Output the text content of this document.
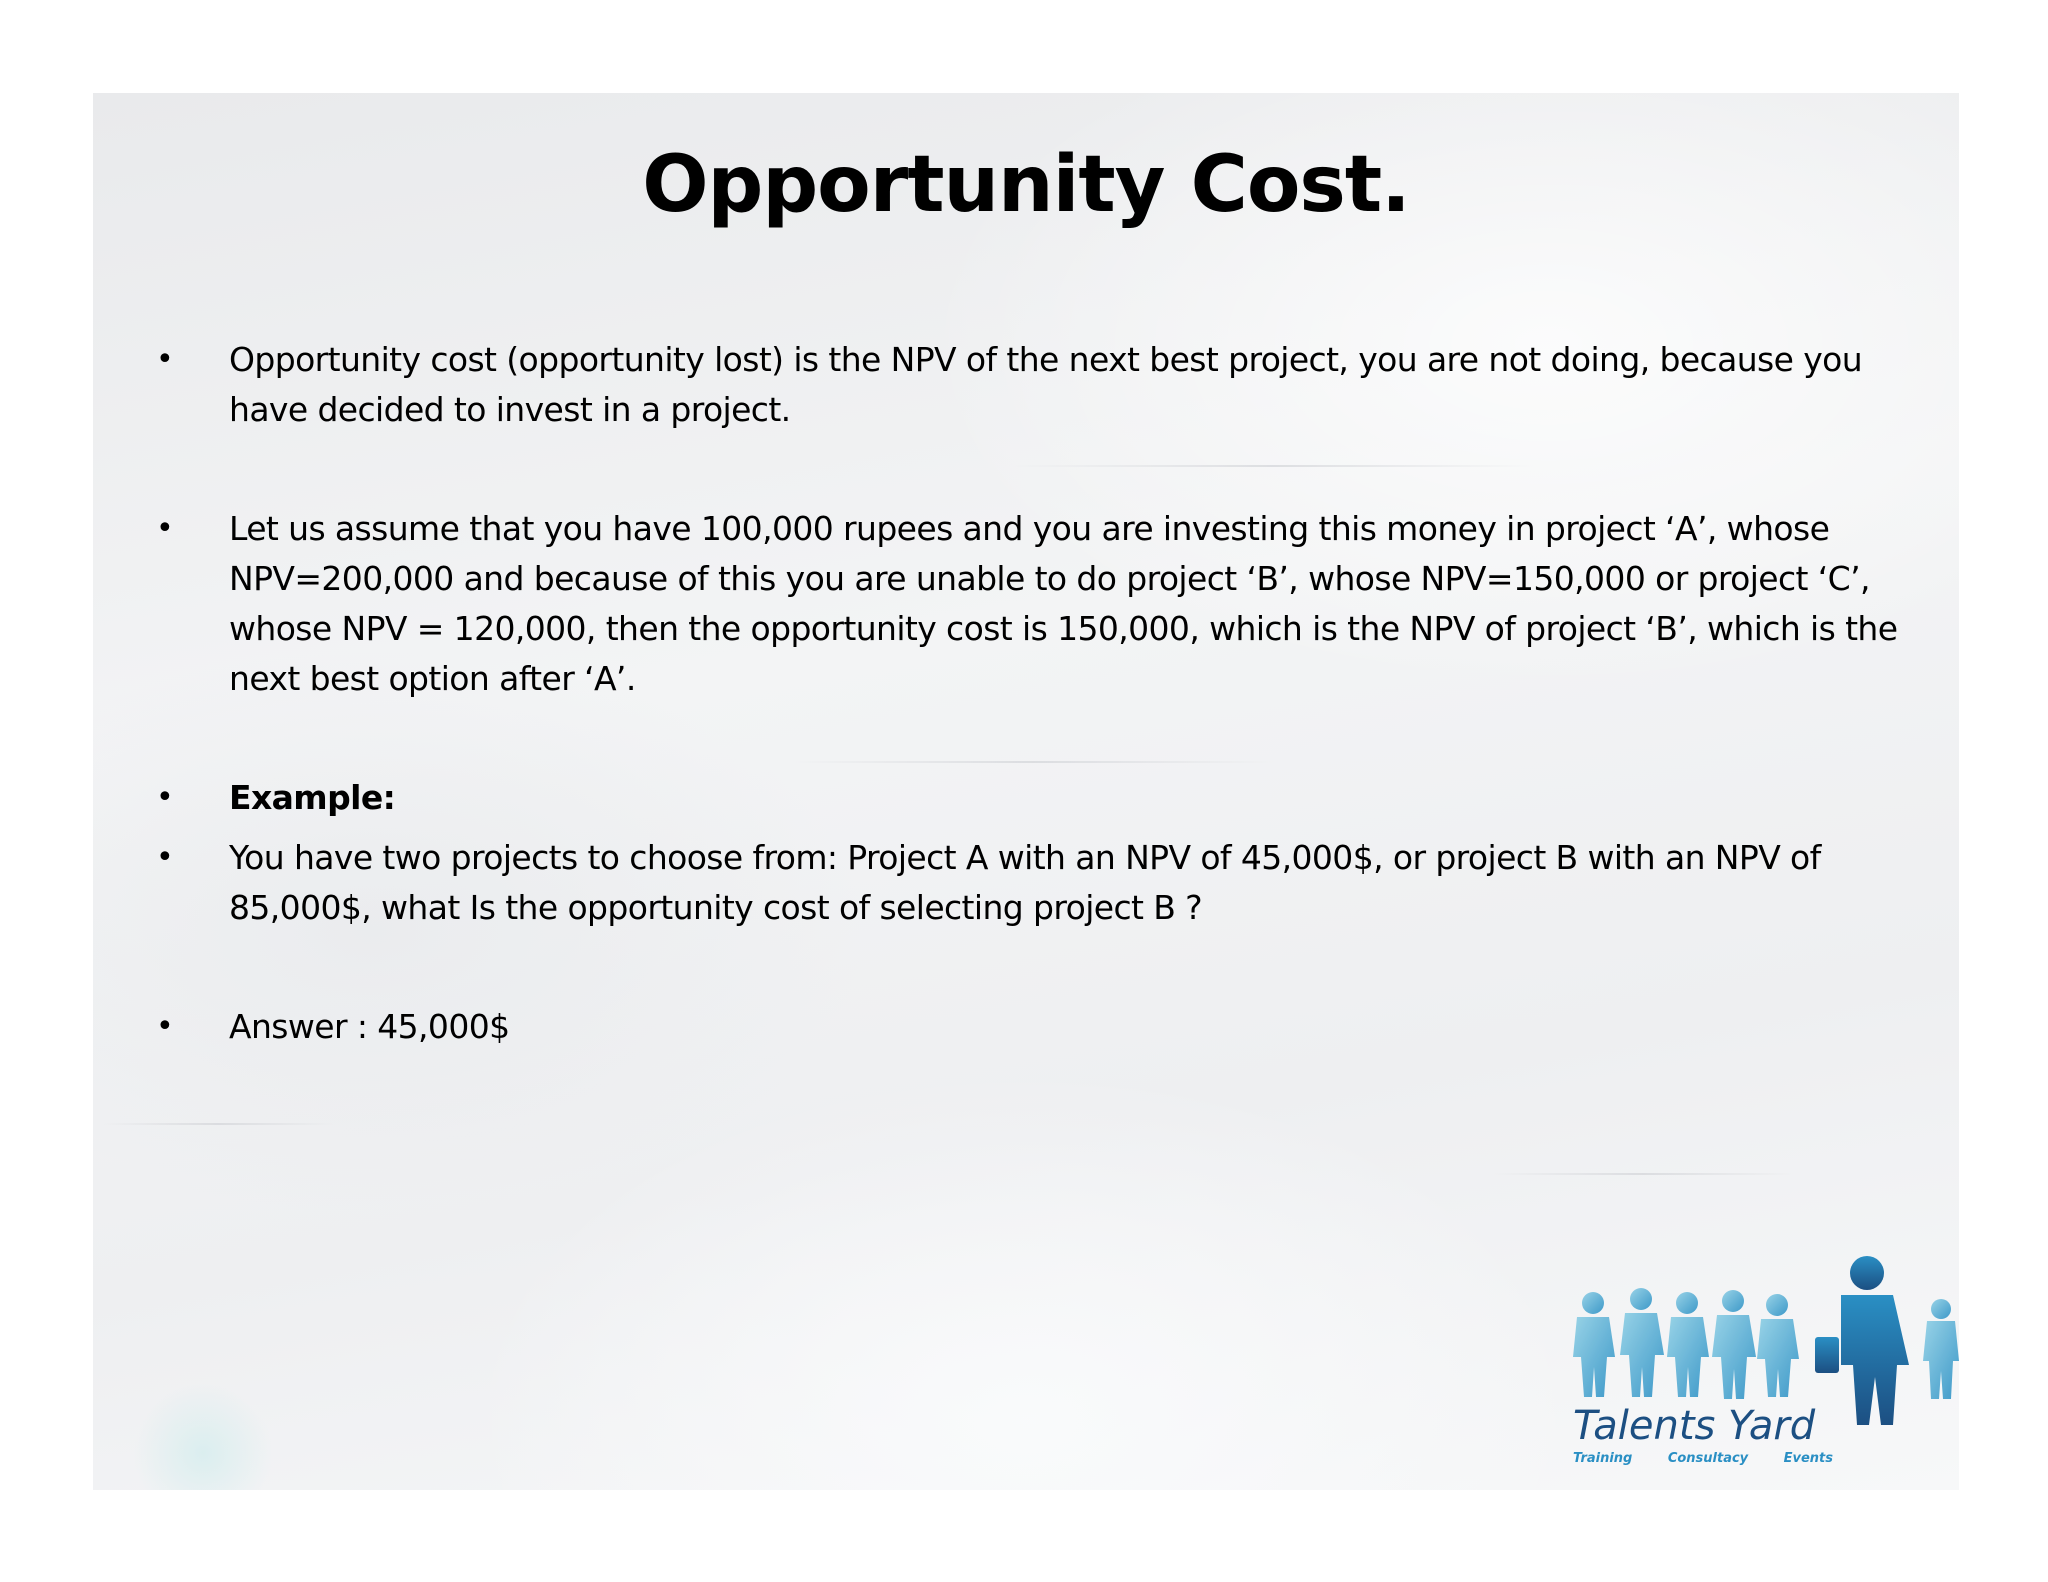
Opportunity Cost.
• Opportunity cost (opportunity lost) is the NPV of the next best project, you are not doing, because you have decided to invest in a project.
• Let us assume that you have 100,000 rupees and you are investing this money in project ‘A’, whose NPV=200,000 and because of this you are unable to do project ‘B’, whose NPV=150,000 or project ‘C’, whose NPV = 120,000, then the opportunity cost is 150,000, which is the NPV of project ‘B’, which is the next best option after ‘A’.
• Example:
• You have two projects to choose from: Project A with an NPV of 45,000$, or project B with an NPV of 85,000$, what Is the opportunity cost of selecting project B ?
• Answer : 45,000$
Talents Yard
Training	Consultacy	Events
